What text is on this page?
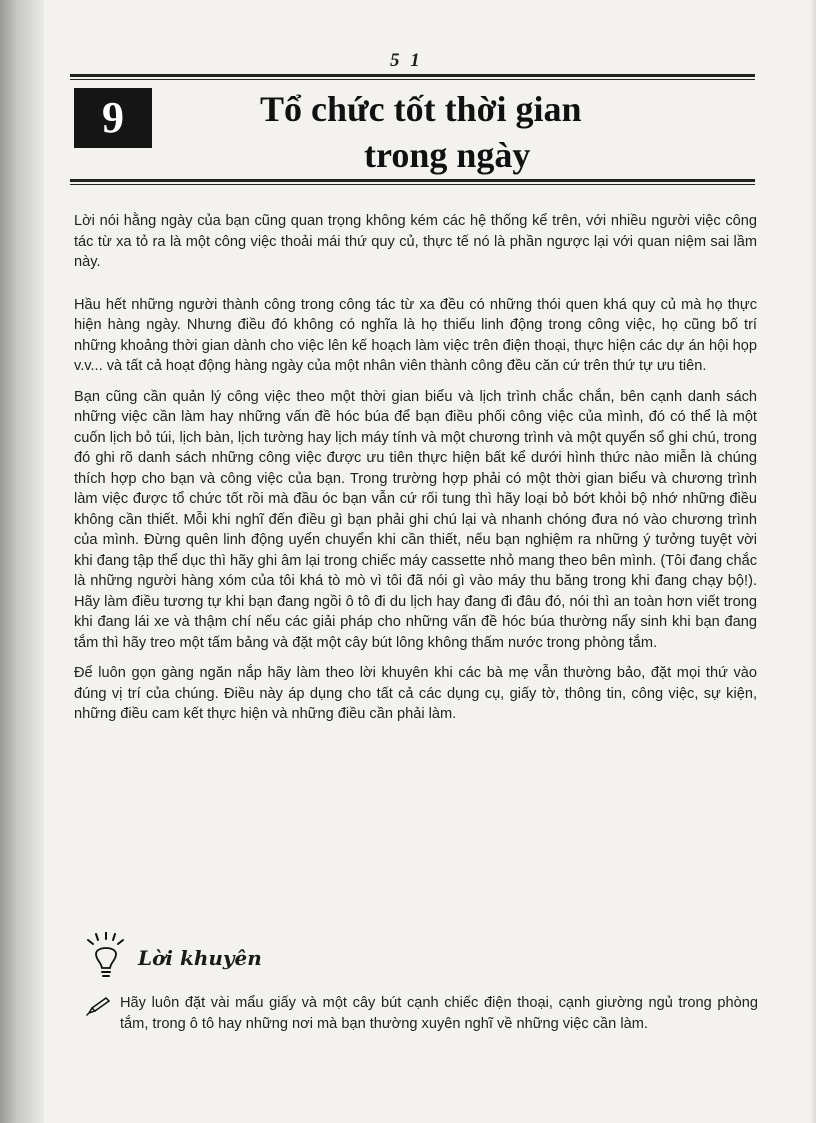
5 1
9	Tổ chức tốt thời gian
trong ngày

Lời nói hằng ngày của bạn cũng quan trọng không kém các hệ thống kể trên, với nhiều người việc công tác từ xa tỏ ra là một công việc thoải mái thứ quy củ, thực tế nó là phần ngược lại với quan niệm sai lầm này.

Hầu hết những người thành công trong công tác từ xa đều có những thói quen khá quy củ mà họ thực hiện hàng ngày. Nhưng điều đó không có nghĩa là họ thiếu linh động trong công việc, họ cũng bố trí những khoảng thời gian dành cho việc lên kế hoạch làm việc trên điện thoại, thực hiện các dự án hội họp v.v... và tất cả hoạt động hàng ngày của một nhân viên thành công đều căn cứ trên thứ tự ưu tiên.

Bạn cũng cần quản lý công việc theo một thời gian biểu và lịch trình chắc chắn, bên cạnh danh sách những việc cần làm hay những vấn đề hóc búa để bạn điều phối công việc của mình, đó có thể là một cuốn lịch bỏ túi, lịch bàn, lịch tường hay lịch máy tính và một chương trình và một quyển sổ ghi chú, trong đó ghi rõ danh sách những công việc được ưu tiên thực hiện bất kể dưới hình thức nào miễn là chúng thích hợp cho bạn và công việc của bạn. Trong trường hợp phải có một thời gian biểu và chương trình làm việc được tổ chức tốt rồi mà đầu óc bạn vẫn cứ rối tung thì hãy loại bỏ bớt khỏi bộ nhớ những điều không cần thiết. Mỗi khi nghĩ đến điều gì bạn phải ghi chú lại và nhanh chóng đưa nó vào chương trình của mình. Đừng quên linh động uyển chuyển khi cần thiết, nếu bạn nghiệm ra những ý tưởng tuyệt vời khi đang tập thể dục thì hãy ghi âm lại trong chiếc máy cassette nhỏ mang theo bên mình. (Tôi đang chắc là những người hàng xóm của tôi khá tò mò vì tôi đã nói gì vào máy thu băng trong khi đang chạy bộ!). Hãy làm điều tương tự khi bạn đang ngồi ô tô đi du lịch hay đang đi đâu đó, nói thì an toàn hơn viết trong khi đang lái xe và thậm chí nếu các giải pháp cho những vấn đề hóc búa thường nẩy sinh khi bạn đang tắm thì hãy treo một tấm bảng và đặt một cây bút lông không thấm nước trong phòng tắm.

Để luôn gọn gàng ngăn nắp hãy làm theo lời khuyên khi các bà mẹ vẫn thường bảo, đặt mọi thứ vào đúng vị trí của chúng. Điều này áp dụng cho tất cả các dụng cụ, giấy tờ, thông tin, công việc, sự kiện, những điều cam kết thực hiện và những điều cần phải làm.

Lời khuyên
Hãy luôn đặt vài mẩu giấy và một cây bút cạnh chiếc điện thoại, cạnh giường ngủ trong phòng tắm, trong ô tô hay những nơi mà bạn thường xuyên nghĩ về những việc cần làm.
